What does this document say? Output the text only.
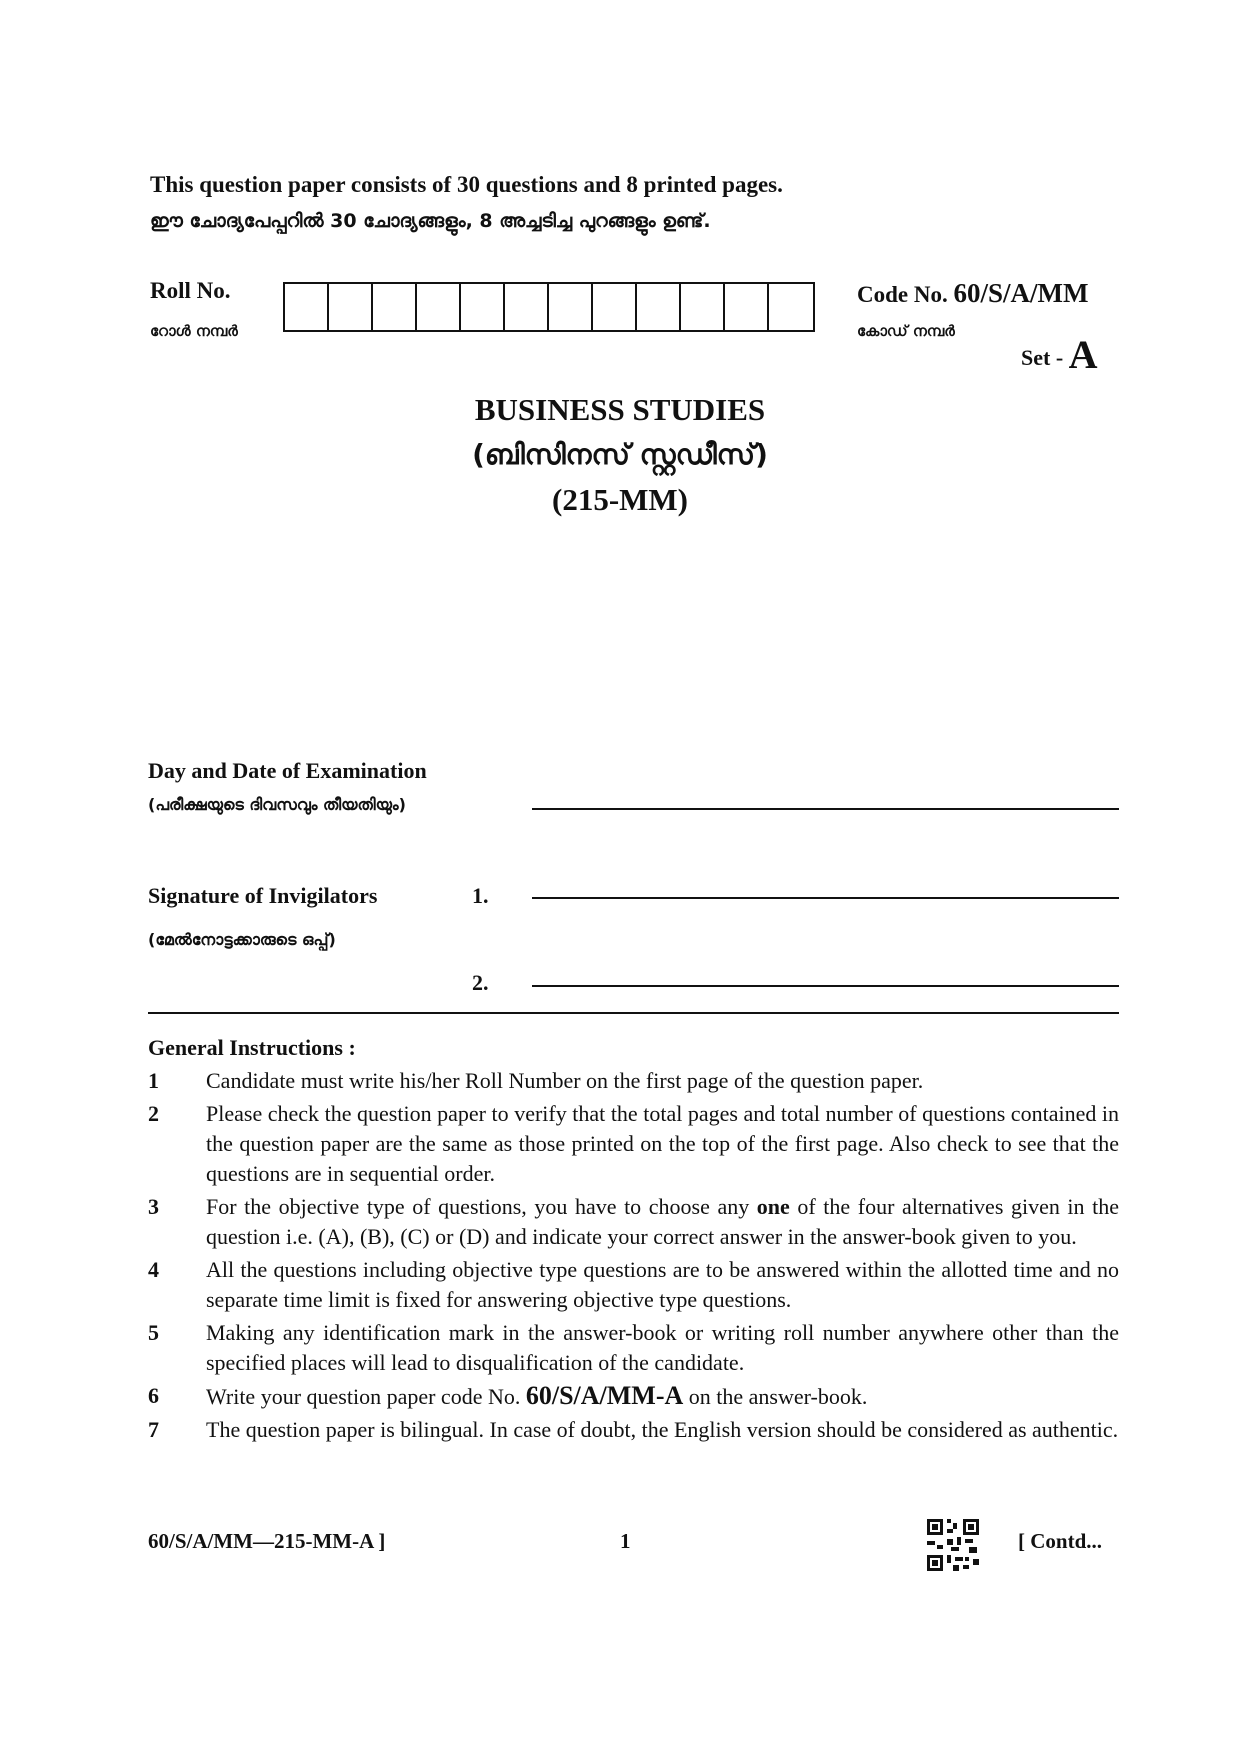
This question paper consists of 30 questions and 8 printed pages.
ഈ ചോദ്യപേപ്പറിൽ 30 ചോദ്യങ്ങളും, 8 അച്ചടിച്ച പുറങ്ങളും ഉണ്ട്.
Roll No.
റോൾ നമ്പർ
Code No. 60/S/A/MM
കോഡ് നമ്പർ
Set - A
BUSINESS STUDIES
(ബിസിനസ് സ്റ്റഡീസ്)
(215-MM)
Day and Date of Examination
(പരീക്ഷയുടെ ദിവസവും തീയതിയും)
Signature of Invigilators	1.
(മേൽനോട്ടക്കാരുടെ ഒപ്പ്)
2.
General Instructions :
1	Candidate must write his/her Roll Number on the first page of the question paper.
2	Please check the question paper to verify that the total pages and total number of questions contained in the question paper are the same as those printed on the top of the first page. Also check to see that the questions are in sequential order.
3	For the objective type of questions, you have to choose any one of the four alternatives given in the question i.e. (A), (B), (C) or (D) and indicate your correct answer in the answer-book given to you.
4	All the questions including objective type questions are to be answered within the allotted time and no separate time limit is fixed for answering objective type questions.
5	Making any identification mark in the answer-book or writing roll number anywhere other than the specified places will lead to disqualification of the candidate.
6	Write your question paper code No. 60/S/A/MM-A on the answer-book.
7	The question paper is bilingual. In case of doubt, the English version should be considered as authentic.
60/S/A/MM—215-MM-A ]	1	[ Contd...
